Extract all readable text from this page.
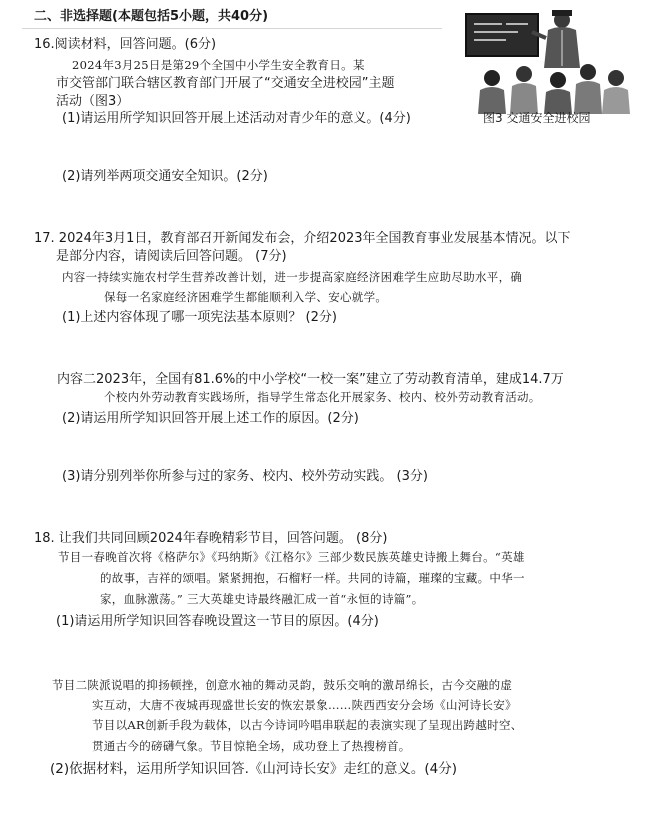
二、非选择题(本题包括5小题，共40分)
16.阅读材料，回答问题。(6分)
2024年3月25日是第29个全国中小学生安全教育日。某
市交管部门联合辖区教育部门开展了“交通安全进校园”主题
活动（图3）
(1)请运用所学知识回答开展上述活动对青少年的意义。(4分)
(2)请列举两项交通安全知识。(2分)
图3 交通安全进校园
17. 2024年3月1日，教育部召开新闻发布会，介绍2023年全国教育事业发展基本情况。以下
是部分内容，请阅读后回答问题。 (7分)
内容一持续实施农村学生营养改善计划，进一步提高家庭经济困难学生应助尽助水平，确
保每一名家庭经济困难学生都能顺利入学、安心就学。
(1)上述内容体现了哪一项宪法基本原则？ (2分)
内容二2023年，全国有81.6%的中小学校“一校一案”建立了劳动教育清单，建成14.7万
个校内外劳动教育实践场所，指导学生常态化开展家务、校内、校外劳动教育活动。
(2)请运用所学知识回答开展上述工作的原因。(2分)
(3)请分别列举你所参与过的家务、校内、校外劳动实践。 (3分)
18. 让我们共同回顾2024年春晚精彩节目，回答问题。 (8分)
节目一春晚首次将《格萨尔》《玛纳斯》《江格尔》三部少数民族英雄史诗搬上舞台。“英雄
的故事，吉祥的颂唱。紧紧拥抱，石榴籽一样。共同的诗篇，璀璨的宝藏。中华一
家，血脉激荡。” 三大英雄史诗最终融汇成一首“永恒的诗篇”。
(1)请运用所学知识回答春晚设置这一节目的原因。(4分)
节目二陕派说唱的抑扬顿挫，创意水袖的舞动灵韵，鼓乐交响的激昂绵长，古今交融的虚
实互动，大唐不夜城再现盛世长安的恢宏景象……陕西西安分会场《山河诗长安》
节目以AR创新手段为载体，以古今诗词吟唱串联起的表演实现了呈现出跨越时空、
贯通古今的磅礴气象。节目惊艳全场，成功登上了热搜榜首。
(2)依据材料，运用所学知识回答.《山河诗长安》走红的意义。(4分)
